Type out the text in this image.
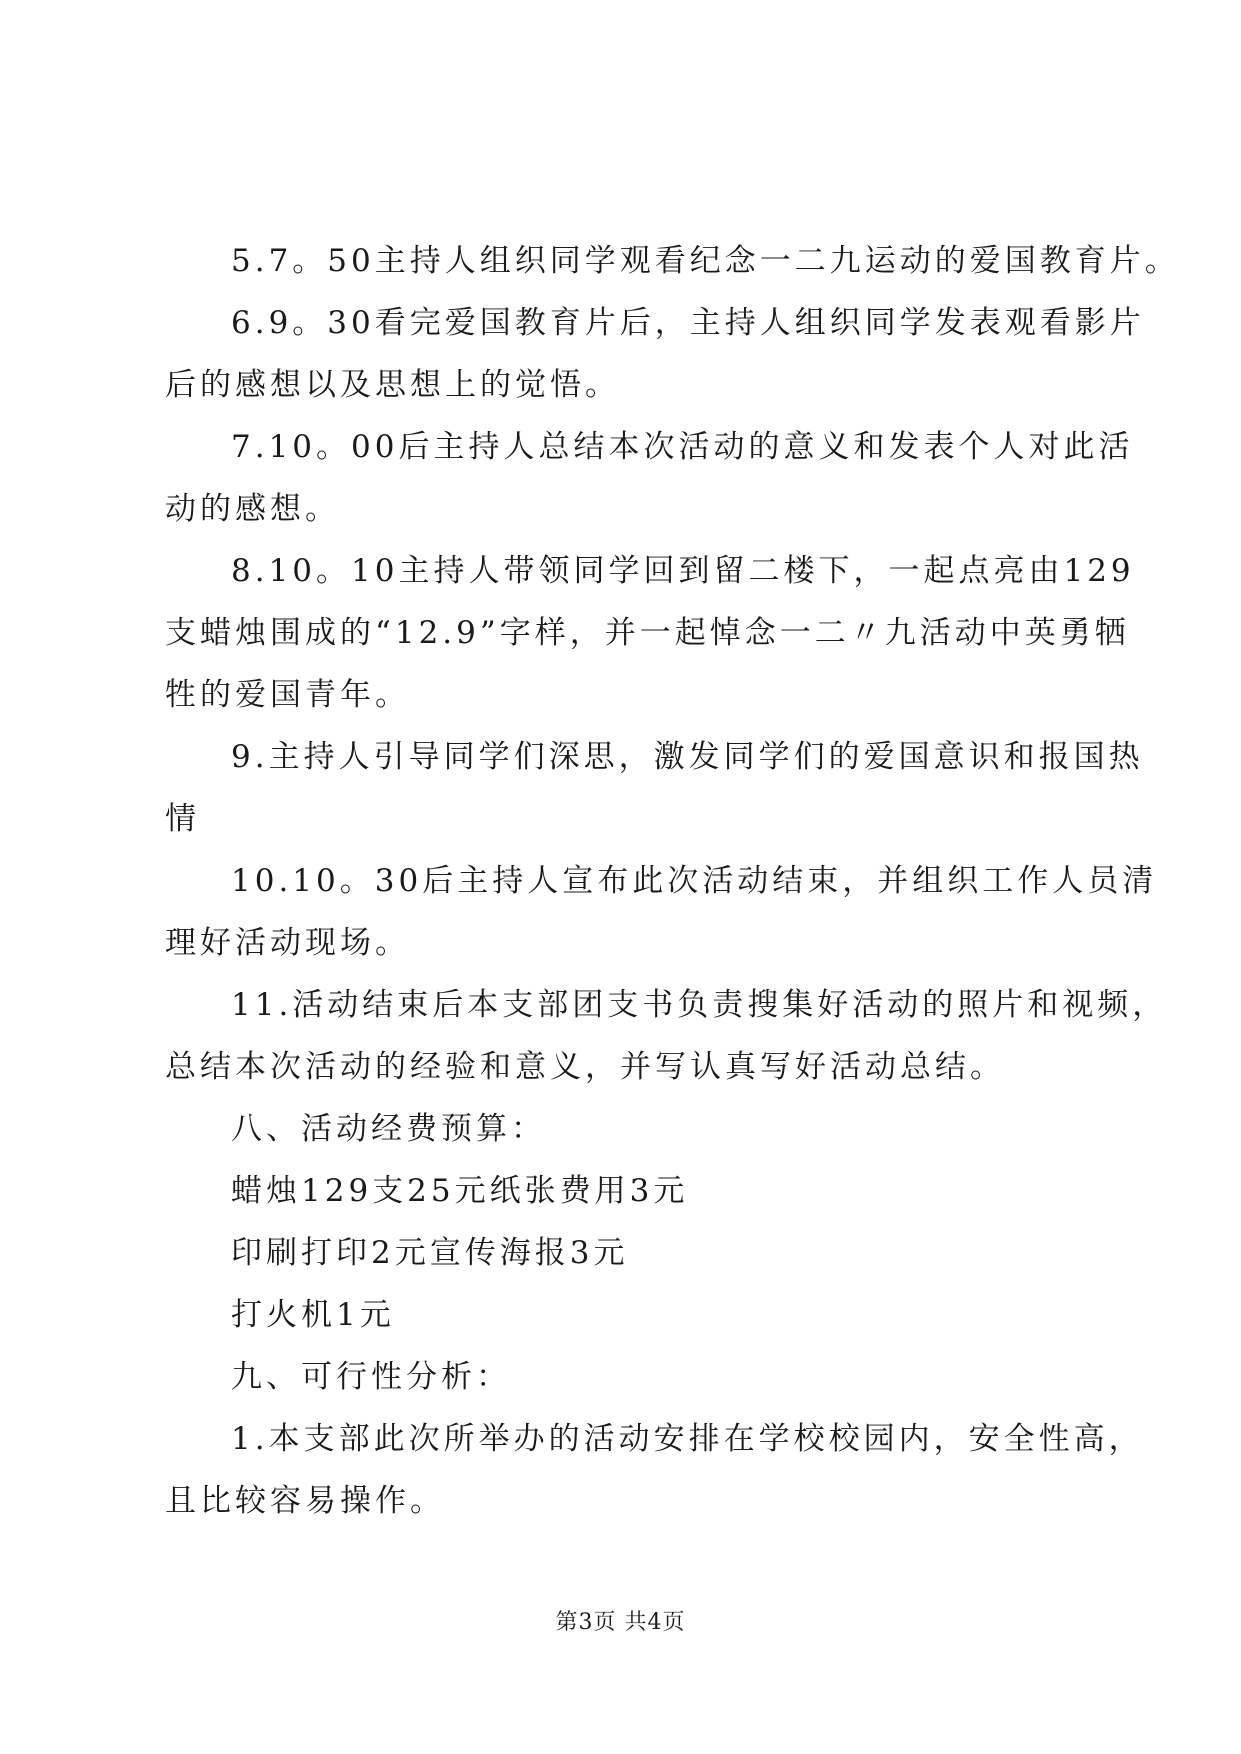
5.7。50主持人组织同学观看纪念一二九运动的爱国教育片。
6.9。30看完爱国教育片后，主持人组织同学发表观看影片
后的感想以及思想上的觉悟。
7.10。00后主持人总结本次活动的意义和发表个人对此活
动的感想。
8.10。10主持人带领同学回到留二楼下，一起点亮由129
支蜡烛围成的“12.9”字样，并一起悼念一二〃九活动中英勇牺
牲的爱国青年。
9.主持人引导同学们深思，激发同学们的爱国意识和报国热
情
10.10。30后主持人宣布此次活动结束，并组织工作人员清
理好活动现场。
11.活动结束后本支部团支书负责搜集好活动的照片和视频，
总结本次活动的经验和意义，并写认真写好活动总结。
八、活动经费预算：
蜡烛129支25元纸张费用3元
印刷打印2元宣传海报3元
打火机1元
九、可行性分析：
1.本支部此次所举办的活动安排在学校校园内，安全性高，
且比较容易操作。
第3页 共4页
